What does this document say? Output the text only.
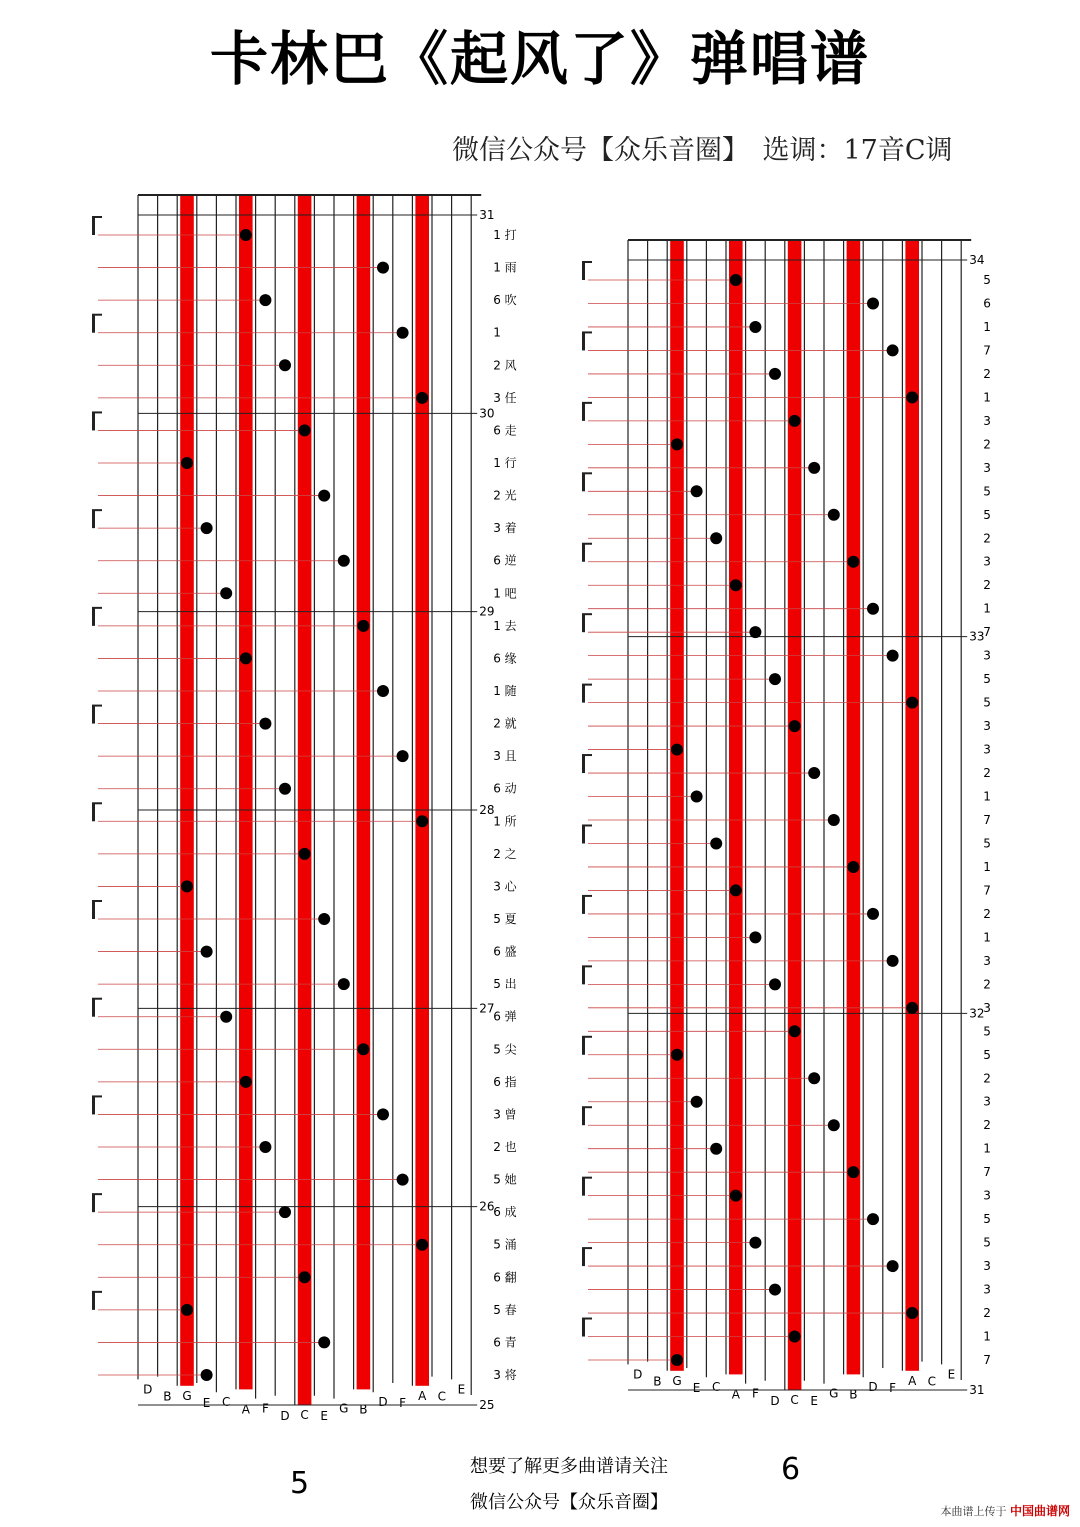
卡林巴《起风了》弹唱谱
微信公众号【众乐音圈】　选调：17音C调
D
B G
E C
A F
D C E
G B
D F
A C
E
31
30
29
28
27
26
25
1 打
1 雨
6 吹
1
2 风
3 任
6 走
1 行
2 光
3 着
6 逆
1 吧
1 去
6 缘
1 随
2 就
3 且
6 动
1 所
2 之
3 心
5 夏
6 盛
5 出
6 弹
5 尖
6 指
3 曾
2 也
5 她
6 成
5 涌
6 翻
5 春
6 青
3 将	D
B G
E C
A F
D C E
G B
D F
A C
E
34
33
32
31
5
6
1
7
2
1
3
2
3
5
5
2
3
2
1
7
3
5
5
3
3
2
1
7
5
1
7
2
1
3
2
3
5
5
2
3
2
1
7
3
5
5
3
3
2
1
7
5	6
想要了解更多曲谱请关注
微信公众号【众乐音圈】	本曲谱上传于 中国曲谱网
